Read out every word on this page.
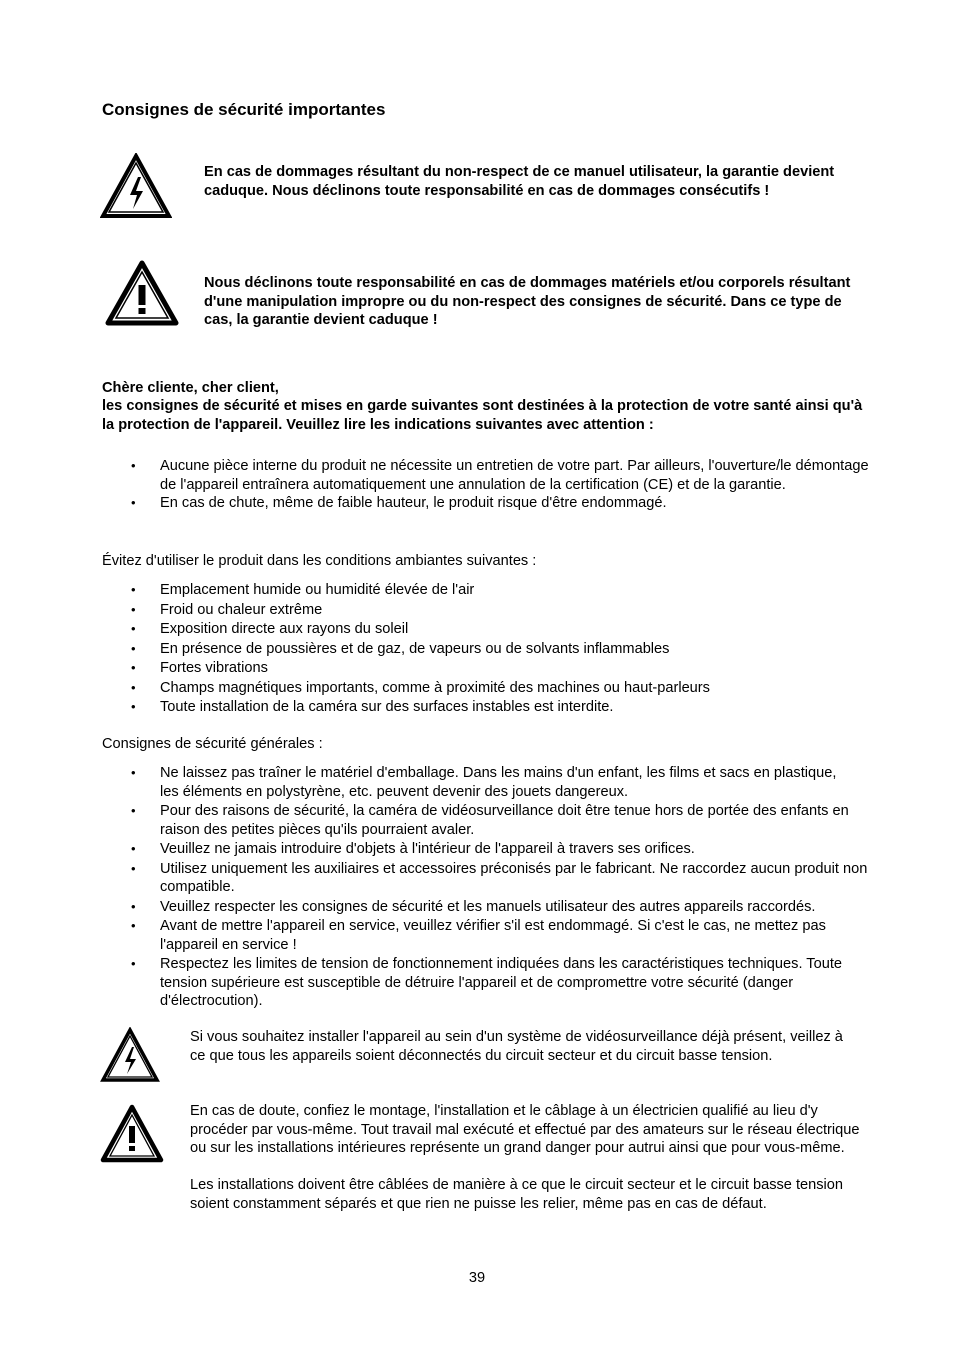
Consignes de sécurité importantes
En cas de dommages résultant du non-respect de ce manuel utilisateur, la garantie devient caduque. Nous déclinons toute responsabilité en cas de dommages consécutifs !
Nous déclinons toute responsabilité en cas de dommages matériels et/ou corporels résultant d'une manipulation impropre ou du non-respect des consignes de sécurité. Dans ce type de cas, la garantie devient caduque !
Chère cliente, cher client,
les consignes de sécurité et mises en garde suivantes sont destinées à la protection de votre santé ainsi qu'à la protection de l'appareil. Veuillez lire les indications suivantes avec attention :
• Aucune pièce interne du produit ne nécessite un entretien de votre part. Par ailleurs, l'ouverture/le démontage de l'appareil entraînera automatiquement une annulation de la certification (CE) et de la garantie.
• En cas de chute, même de faible hauteur, le produit risque d'être endommagé.
Évitez d'utiliser le produit dans les conditions ambiantes suivantes :
• Emplacement humide ou humidité élevée de l'air
• Froid ou chaleur extrême
• Exposition directe aux rayons du soleil
• En présence de poussières et de gaz, de vapeurs ou de solvants inflammables
• Fortes vibrations
• Champs magnétiques importants, comme à proximité des machines ou haut-parleurs
• Toute installation de la caméra sur des surfaces instables est interdite.
Consignes de sécurité générales :
• Ne laissez pas traîner le matériel d'emballage. Dans les mains d'un enfant, les films et sacs en plastique, les éléments en polystyrène, etc. peuvent devenir des jouets dangereux.
• Pour des raisons de sécurité, la caméra de vidéosurveillance doit être tenue hors de portée des enfants en raison des petites pièces qu'ils pourraient avaler.
• Veuillez ne jamais introduire d'objets à l'intérieur de l'appareil à travers ses orifices.
• Utilisez uniquement les auxiliaires et accessoires préconisés par le fabricant. Ne raccordez aucun produit non compatible.
• Veuillez respecter les consignes de sécurité et les manuels utilisateur des autres appareils raccordés.
• Avant de mettre l'appareil en service, veuillez vérifier s'il est endommagé. Si c'est le cas, ne mettez pas l'appareil en service !
• Respectez les limites de tension de fonctionnement indiquées dans les caractéristiques techniques. Toute tension supérieure est susceptible de détruire l'appareil et de compromettre votre sécurité (danger d'électrocution).
Si vous souhaitez installer l'appareil au sein d'un système de vidéosurveillance déjà présent, veillez à ce que tous les appareils soient déconnectés du circuit secteur et du circuit basse tension.
En cas de doute, confiez le montage, l'installation et le câblage à un électricien qualifié au lieu d'y procéder par vous-même. Tout travail mal exécuté et effectué par des amateurs sur le réseau électrique ou sur les installations intérieures représente un grand danger pour autrui ainsi que pour vous-même.
Les installations doivent être câblées de manière à ce que le circuit secteur et le circuit basse tension soient constamment séparés et que rien ne puisse les relier, même pas en cas de défaut.
39
